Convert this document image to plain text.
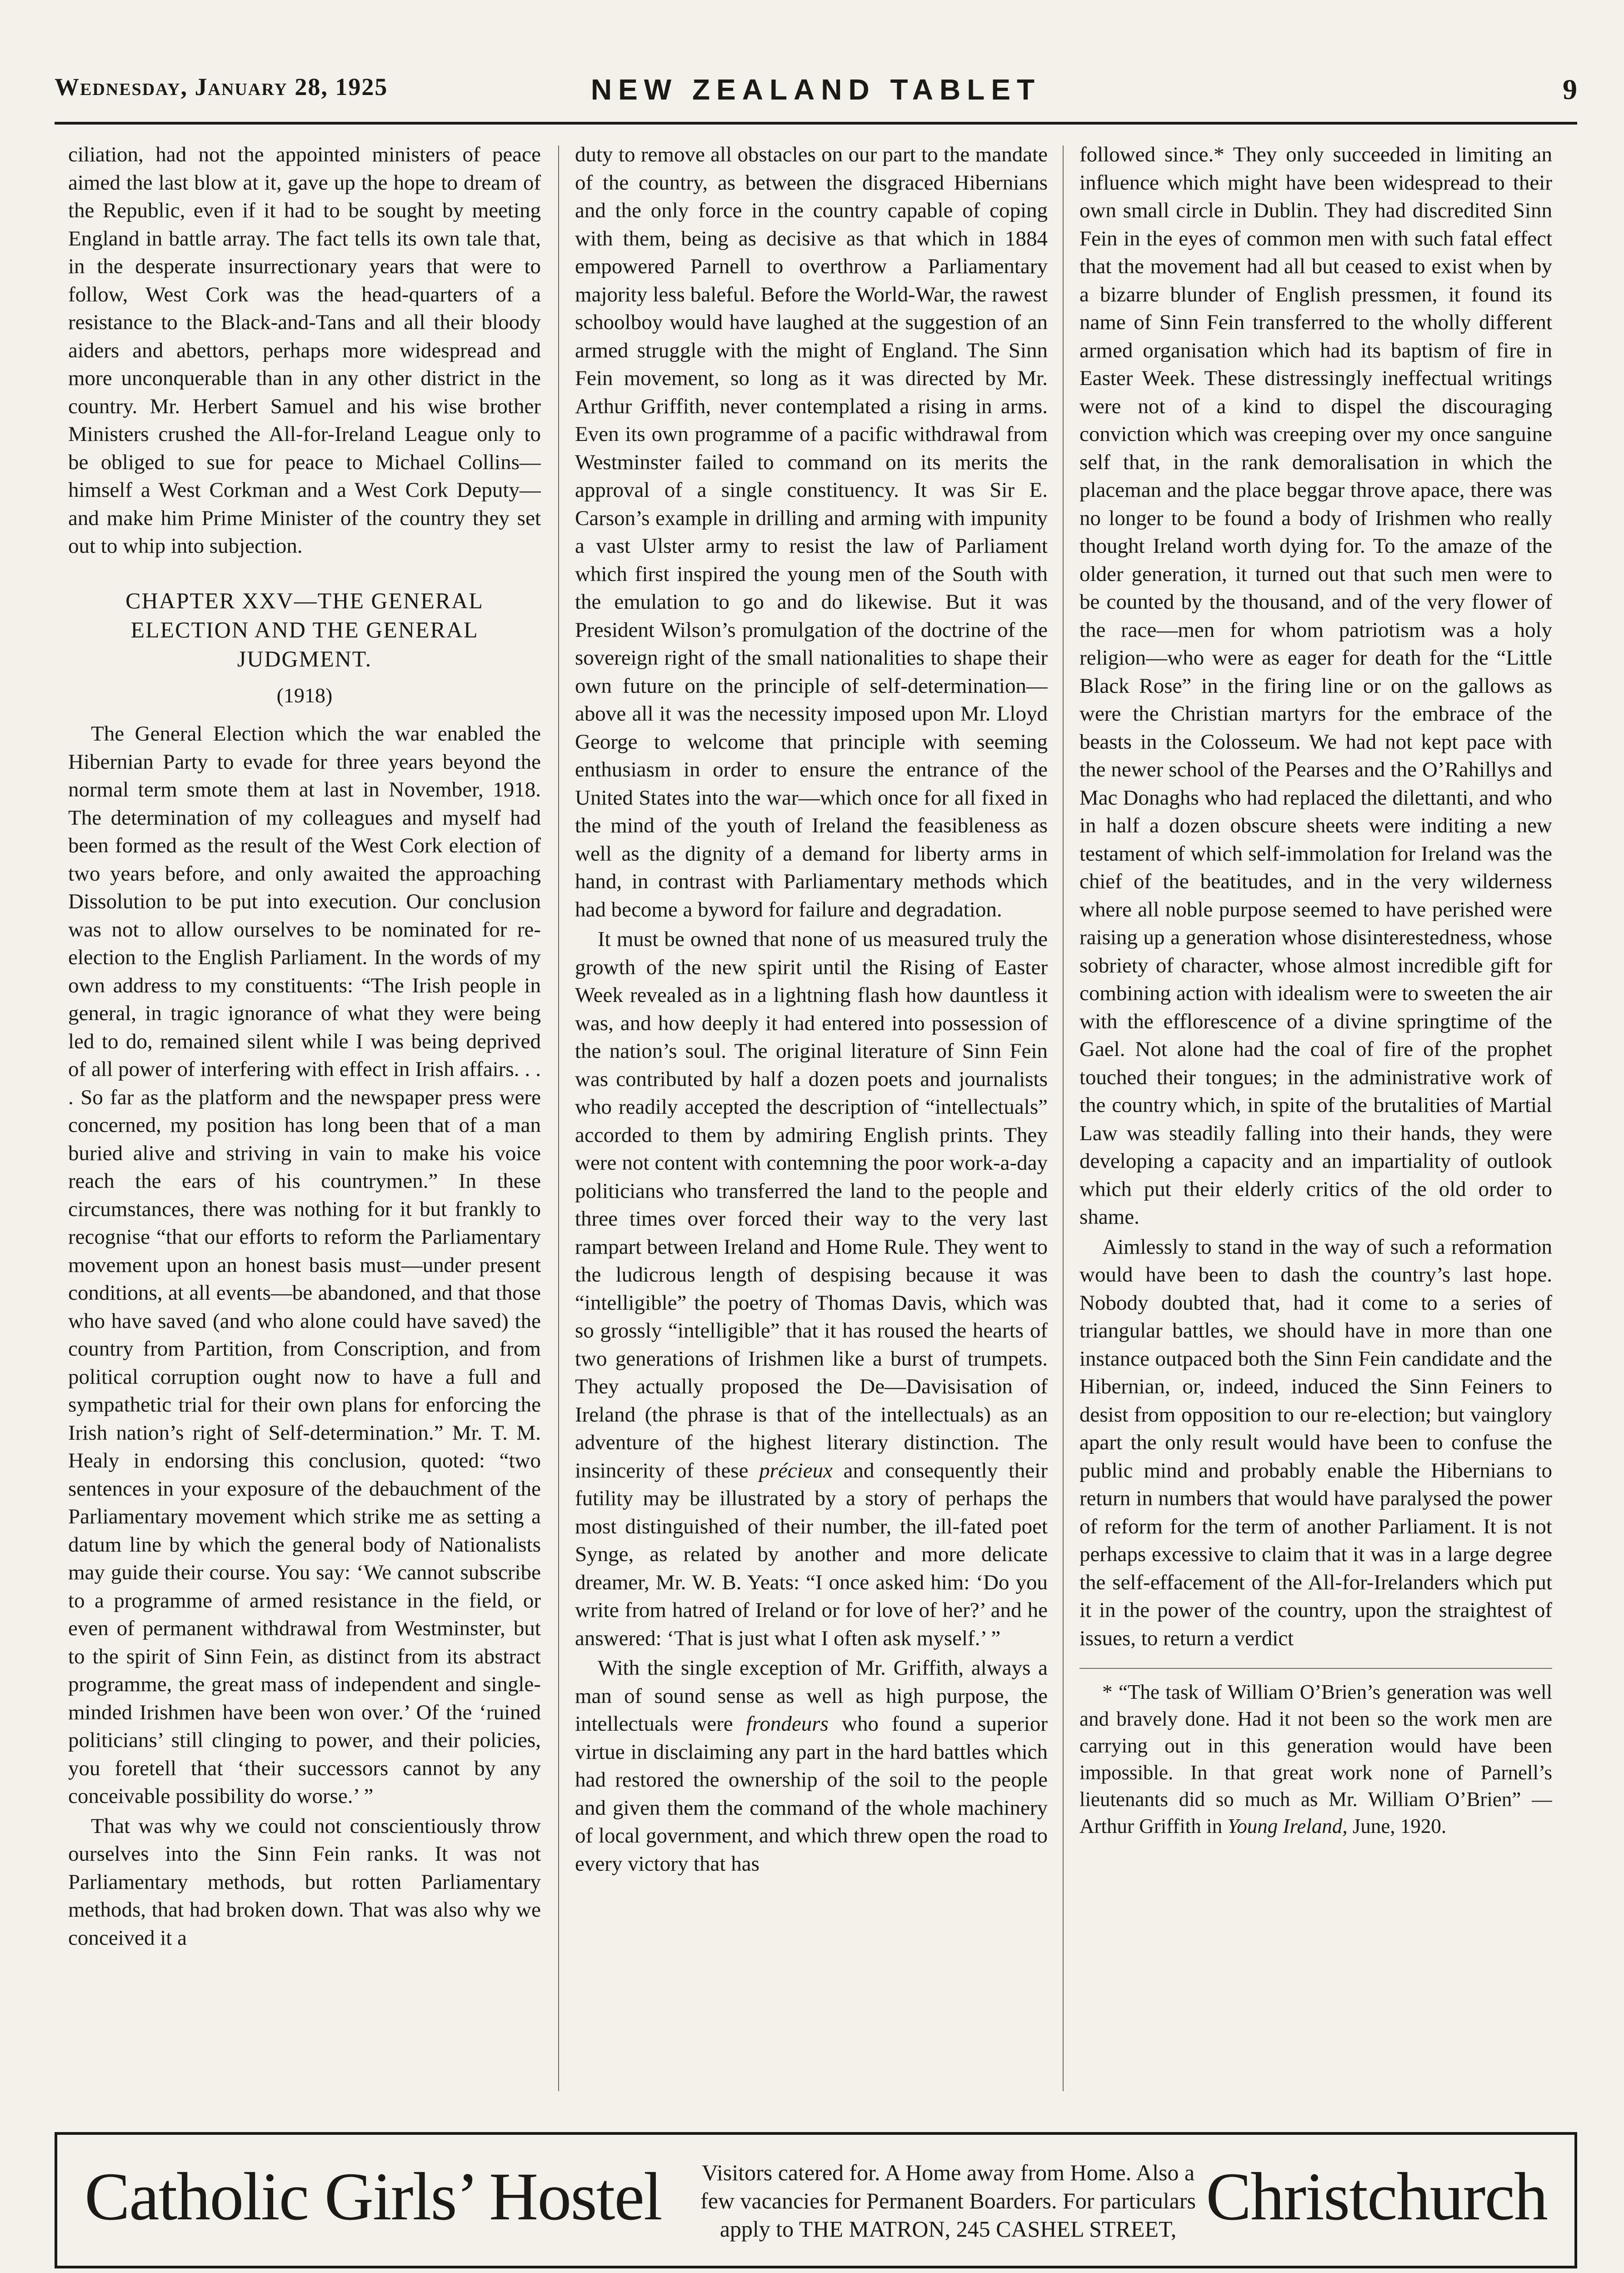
Wednesday, January 28, 1925	NEW ZEALAND TABLET	9

ciliation, had not the appointed ministers of peace aimed the last blow at it, gave up the hope to dream of the Republic, even if it had to be sought by meeting England in battle array. The fact tells its own tale that, in the desperate insurrectionary years that were to follow, West Cork was the head-quarters of a resistance to the Black-and-Tans and all their bloody aiders and abettors, perhaps more widespread and more unconquerable than in any other district in the country. Mr. Herbert Samuel and his wise brother Ministers crushed the All-for-Ireland League only to be obliged to sue for peace to Michael Collins—himself a West Corkman and a West Cork Deputy—and make him Prime Minister of the country they set out to whip into subjection.

CHAPTER XXV—THE GENERAL ELECTION AND THE GENERAL JUDGMENT.
(1918)

The General Election which the war enabled the Hibernian Party to evade for three years beyond the normal term smote them at last in November, 1918. The determination of my colleagues and myself had been formed as the result of the West Cork election of two years before, and only awaited the approaching Dissolution to be put into execution. Our conclusion was not to allow ourselves to be nominated for re-election to the English Parliament. In the words of my own address to my constituents: “The Irish people in general, in tragic ignorance of what they were being led to do, remained silent while I was being deprived of all power of interfering with effect in Irish affairs. . . . So far as the platform and the newspaper press were concerned, my position has long been that of a man buried alive and striving in vain to make his voice reach the ears of his countrymen.” In these circumstances, there was nothing for it but frankly to recognise “that our efforts to reform the Parliamentary movement upon an honest basis must—under present conditions, at all events—be abandoned, and that those who have saved (and who alone could have saved) the country from Partition, from Conscription, and from political corruption ought now to have a full and sympathetic trial for their own plans for enforcing the Irish nation’s right of Self-determination.” Mr. T. M. Healy in endorsing this conclusion, quoted: “two sentences in your exposure of the debauchment of the Parliamentary movement which strike me as setting a datum line by which the general body of Nationalists may guide their course. You say: ‘We cannot subscribe to a programme of armed resistance in the field, or even of permanent withdrawal from Westminster, but to the spirit of Sinn Fein, as distinct from its abstract programme, the great mass of independent and single-minded Irishmen have been won over.’ Of the ‘ruined politicians’ still clinging to power, and their policies, you foretell that ‘their successors cannot by any conceivable possibility do worse.’ ”

That was why we could not conscientiously throw ourselves into the Sinn Fein ranks. It was not Parliamentary methods, but rotten Parliamentary methods, that had broken down. That was also why we conceived it a

duty to remove all obstacles on our part to the mandate of the country, as between the disgraced Hibernians and the only force in the country capable of coping with them, being as decisive as that which in 1884 empowered Parnell to overthrow a Parliamentary majority less baleful. Before the World-War, the rawest schoolboy would have laughed at the suggestion of an armed struggle with the might of England. The Sinn Fein movement, so long as it was directed by Mr. Arthur Griffith, never contemplated a rising in arms. Even its own programme of a pacific withdrawal from Westminster failed to command on its merits the approval of a single constituency. It was Sir E. Carson’s example in drilling and arming with impunity a vast Ulster army to resist the law of Parliament which first inspired the young men of the South with the emulation to go and do likewise. But it was President Wilson’s promulgation of the doctrine of the sovereign right of the small nationalities to shape their own future on the principle of self-determination—above all it was the necessity imposed upon Mr. Lloyd George to welcome that principle with seeming enthusiasm in order to ensure the entrance of the United States into the war—which once for all fixed in the mind of the youth of Ireland the feasibleness as well as the dignity of a demand for liberty arms in hand, in contrast with Parliamentary methods which had become a byword for failure and degradation.

It must be owned that none of us measured truly the growth of the new spirit until the Rising of Easter Week revealed as in a lightning flash how dauntless it was, and how deeply it had entered into possession of the nation’s soul. The original literature of Sinn Fein was contributed by half a dozen poets and journalists who readily accepted the description of “intellectuals” accorded to them by admiring English prints. They were not content with contemning the poor work-a-day politicians who transferred the land to the people and three times over forced their way to the very last rampart between Ireland and Home Rule. They went to the ludicrous length of despising because it was “intelligible” the poetry of Thomas Davis, which was so grossly “intelligible” that it has roused the hearts of two generations of Irishmen like a burst of trumpets. They actually proposed the De—Davisisation of Ireland (the phrase is that of the intellectuals) as an adventure of the highest literary distinction. The insincerity of these précieux and consequently their futility may be illustrated by a story of perhaps the most distinguished of their number, the ill-fated poet Synge, as related by another and more delicate dreamer, Mr. W. B. Yeats: “I once asked him: ‘Do you write from hatred of Ireland or for love of her?’ and he answered: ‘That is just what I often ask myself.’ ”

With the single exception of Mr. Griffith, always a man of sound sense as well as high purpose, the intellectuals were frondeurs who found a superior virtue in disclaiming any part in the hard battles which had restored the ownership of the soil to the people and given them the command of the whole machinery of local government, and which threw open the road to every victory that has

followed since.* They only succeeded in limiting an influence which might have been widespread to their own small circle in Dublin. They had discredited Sinn Fein in the eyes of common men with such fatal effect that the movement had all but ceased to exist when by a bizarre blunder of English pressmen, it found its name of Sinn Fein transferred to the wholly different armed organisation which had its baptism of fire in Easter Week. These distressingly ineffectual writings were not of a kind to dispel the discouraging conviction which was creeping over my once sanguine self that, in the rank demoralisation in which the placeman and the place beggar throve apace, there was no longer to be found a body of Irishmen who really thought Ireland worth dying for. To the amaze of the older generation, it turned out that such men were to be counted by the thousand, and of the very flower of the race—men for whom patriotism was a holy religion—who were as eager for death for the “Little Black Rose” in the firing line or on the gallows as were the Christian martyrs for the embrace of the beasts in the Colosseum. We had not kept pace with the newer school of the Pearses and the O’Rahillys and Mac Donaghs who had replaced the dilettanti, and who in half a dozen obscure sheets were inditing a new testament of which self-immolation for Ireland was the chief of the beatitudes, and in the very wilderness where all noble purpose seemed to have perished were raising up a generation whose disinterestedness, whose sobriety of character, whose almost incredible gift for combining action with idealism were to sweeten the air with the efflorescence of a divine springtime of the Gael. Not alone had the coal of fire of the prophet touched their tongues; in the administrative work of the country which, in spite of the brutalities of Martial Law was steadily falling into their hands, they were developing a capacity and an impartiality of outlook which put their elderly critics of the old order to shame.

Aimlessly to stand in the way of such a reformation would have been to dash the country’s last hope. Nobody doubted that, had it come to a series of triangular battles, we should have in more than one instance outpaced both the Sinn Fein candidate and the Hibernian, or, indeed, induced the Sinn Feiners to desist from opposition to our re-election; but vainglory apart the only result would have been to confuse the public mind and probably enable the Hibernians to return in numbers that would have paralysed the power of reform for the term of another Parliament. It is not perhaps excessive to claim that it was in a large degree the self-effacement of the All-for-Irelanders which put it in the power of the country, upon the straightest of issues, to return a verdict

* “The task of William O’Brien’s generation was well and bravely done. Had it not been so the work men are carrying out in this generation would have been impossible. In that great work none of Parnell’s lieutenants did so much as Mr. William O’Brien” —Arthur Griffith in Young Ireland, June, 1920.

Catholic Girls’ Hostel	Visitors catered for. A Home away from Home. Also a
few vacancies for Permanent Boarders. For particulars
apply to THE MATRON, 245 CASHEL STREET, Christchurch
